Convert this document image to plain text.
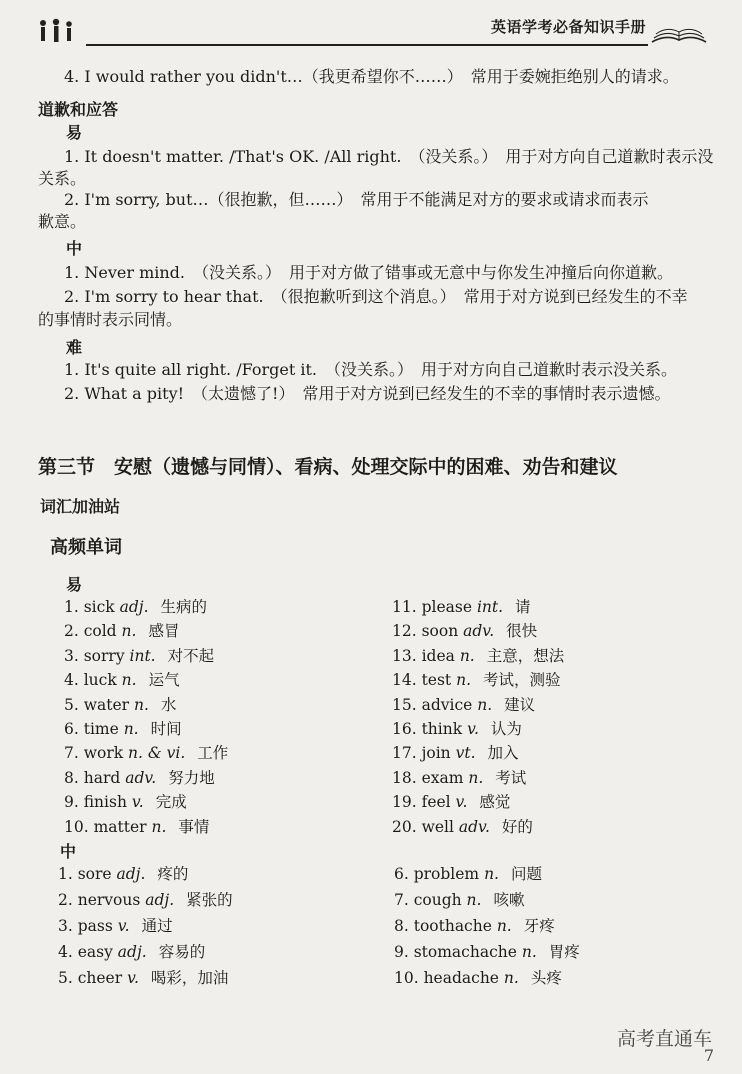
英语学考必备知识手册
4. I would rather you didn't…（我更希望你不……）　常用于委婉拒绝别人的请求。
道歉和应答
易
1. It doesn't matter. /That's OK. /All right.　（没关系。）　用于对方向自己道歉时表示没
关系。
2. I'm sorry, but…（很抱歉，但……）　常用于不能满足对方的要求或请求而表示
歉意。
中
1. Never mind.　（没关系。）　用于对方做了错事或无意中与你发生冲撞后向你道歉。
2. I'm sorry to hear that.　（很抱歉听到这个消息。）　常用于对方说到已经发生的不幸
的事情时表示同情。
难
1. It's quite all right. /Forget it.　（没关系。）　用于对方向自己道歉时表示没关系。
2. What a pity!　（太遗憾了!）　常用于对方说到已经发生的不幸的事情时表示遗憾。
第三节　安慰（遗憾与同情）、看病、处理交际中的困难、劝告和建议
词汇加油站
高频单词
易
1. sick adj. 生病的
2. cold n. 感冒
3. sorry int. 对不起
4. luck n. 运气
5. water n. 水
6. time n. 时间
7. work n. & vi. 工作
8. hard adv. 努力地
9. finish v. 完成
10. matter n. 事情
11. please int. 请
12. soon adv. 很快
13. idea n. 主意，想法
14. test n. 考试，测验
15. advice n. 建议
16. think v. 认为
17. join vt. 加入
18. exam n. 考试
19. feel v. 感觉
20. well adv. 好的
中
1. sore adj. 疼的
2. nervous adj. 紧张的
3. pass v. 通过
4. easy adj. 容易的
5. cheer v. 喝彩，加油
6. problem n. 问题
7. cough n. 咳嗽
8. toothache n. 牙疼
9. stomachache n. 胃疼
10. headache n. 头疼
高考直通车
7
